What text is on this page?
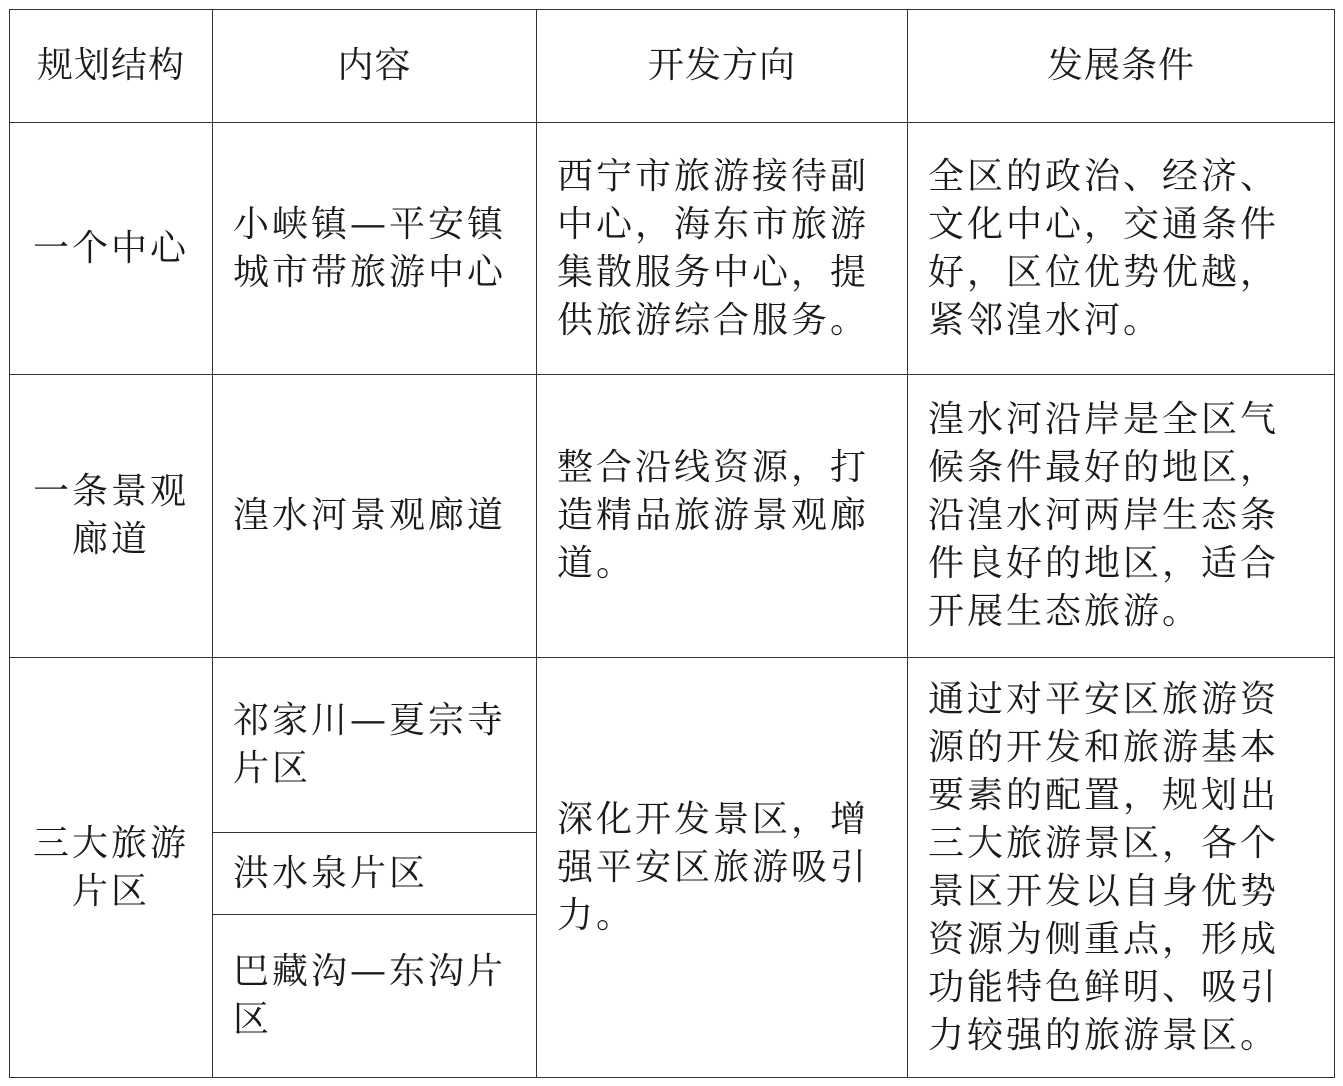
规划结构	内容	开发方向	发展条件
一个中心	小峡镇—平安镇城市带旅游中心	西宁市旅游接待副中心，海东市旅游集散服务中心，提供旅游综合服务。	全区的政治、经济、文化中心，交通条件好，区位优势优越，紧邻湟水河。
一条景观廊道	湟水河景观廊道	整合沿线资源，打造精品旅游景观廊道。	湟水河沿岸是全区气候条件最好的地区，沿湟水河两岸生态条件良好的地区，适合开展生态旅游。
三大旅游片区	祁家川—夏宗寺片区	深化开发景区，增强平安区旅游吸引力。	通过对平安区旅游资源的开发和旅游基本要素的配置，规划出三大旅游景区，各个景区开发以自身优势资源为侧重点，形成功能特色鲜明、吸引力较强的旅游景区。
	洪水泉片区		
	巴藏沟—东沟片区		
